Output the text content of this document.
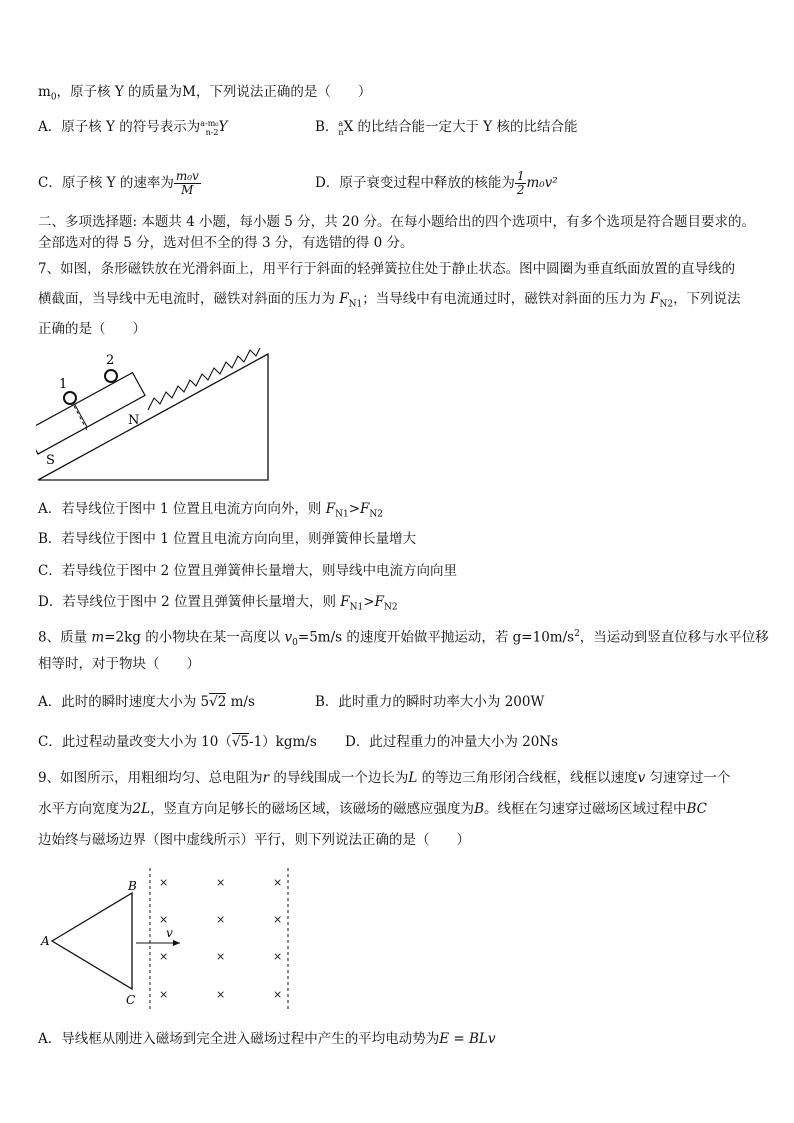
$m_0$，原子核 Y 的质量为M，下列说法正确的是（　　）
A．原子核 Y 的符号表示为 a-m₀
n-2 Y	B． a
n X 的比结合能一定大于 Y 核的比结合能
C．原子核 Y 的速率为 $\frac{\text{m₀v}}{M}$	D．原子衰变过程中释放的核能为 $\frac{1}{2} m_0v^2$
二、多项选择题: 本题共 4 小题，每小题 5 分，共 20 分。在每小题给出的四个选项中，有多个选项是符合题目要求的。
全部选对的得 5 分，选对但不全的得 3 分，有选错的得 0 分。
7、如图，条形磁铁放在光滑斜面上，用平行于斜面的轻弹簧拉住处于静止状态。图中圆圈为垂直纸面放置的直导线的
横截面，当导线中无电流时，磁铁对斜面的压力为 $F_{N1}$；当导线中有电流通过时，磁铁对斜面的压力为 $F_{N2}$，下列说法
正确的是（　　）
S
N
1
2
A．若导线位于图中 1 位置且电流方向向外，则 $F_{N1}>F_{N2}$
B．若导线位于图中 1 位置且电流方向向里，则弹簧伸长量增大
C．若导线位于图中 2 位置且弹簧伸长量增大，则导线中电流方向向里
D．若导线位于图中 2 位置且弹簧伸长量增大，则 $F_{N1}>F_{N2}$
8、质量 m=2kg 的小物块在某一高度以 $v_0=5m/s$ 的速度开始做平抛运动，若 $g=10m/s^2$，当运动到竖直位移与水平位移
相等时，对于物块（　　）
A．此时的瞬时速度大小为 5√2 m/s	B．此时重力的瞬时功率大小为 200W
C．此过程动量改变大小为 10（√5-1）kgm/s D．此过程重力的冲量大小为 20Ns
9、如图所示，用粗细均匀、总电阻为r 的导线围成一个边长为L 的等边三角形闭合线框，线框以速度v 匀速穿过一个
水平方向宽度为2L，竖直方向足够长的磁场区域，该磁场的磁感应强度为B。线框在匀速穿过磁场区域过程中BC
边始终与磁场边界（图中虚线所示）平行，则下列说法正确的是（　　）
A
B
C
v
×	×	×
×	×	×
×	×	×
×	×	×
A．导线框从刚进入磁场到完全进入磁场过程中产生的平均电动势为E = BLv
